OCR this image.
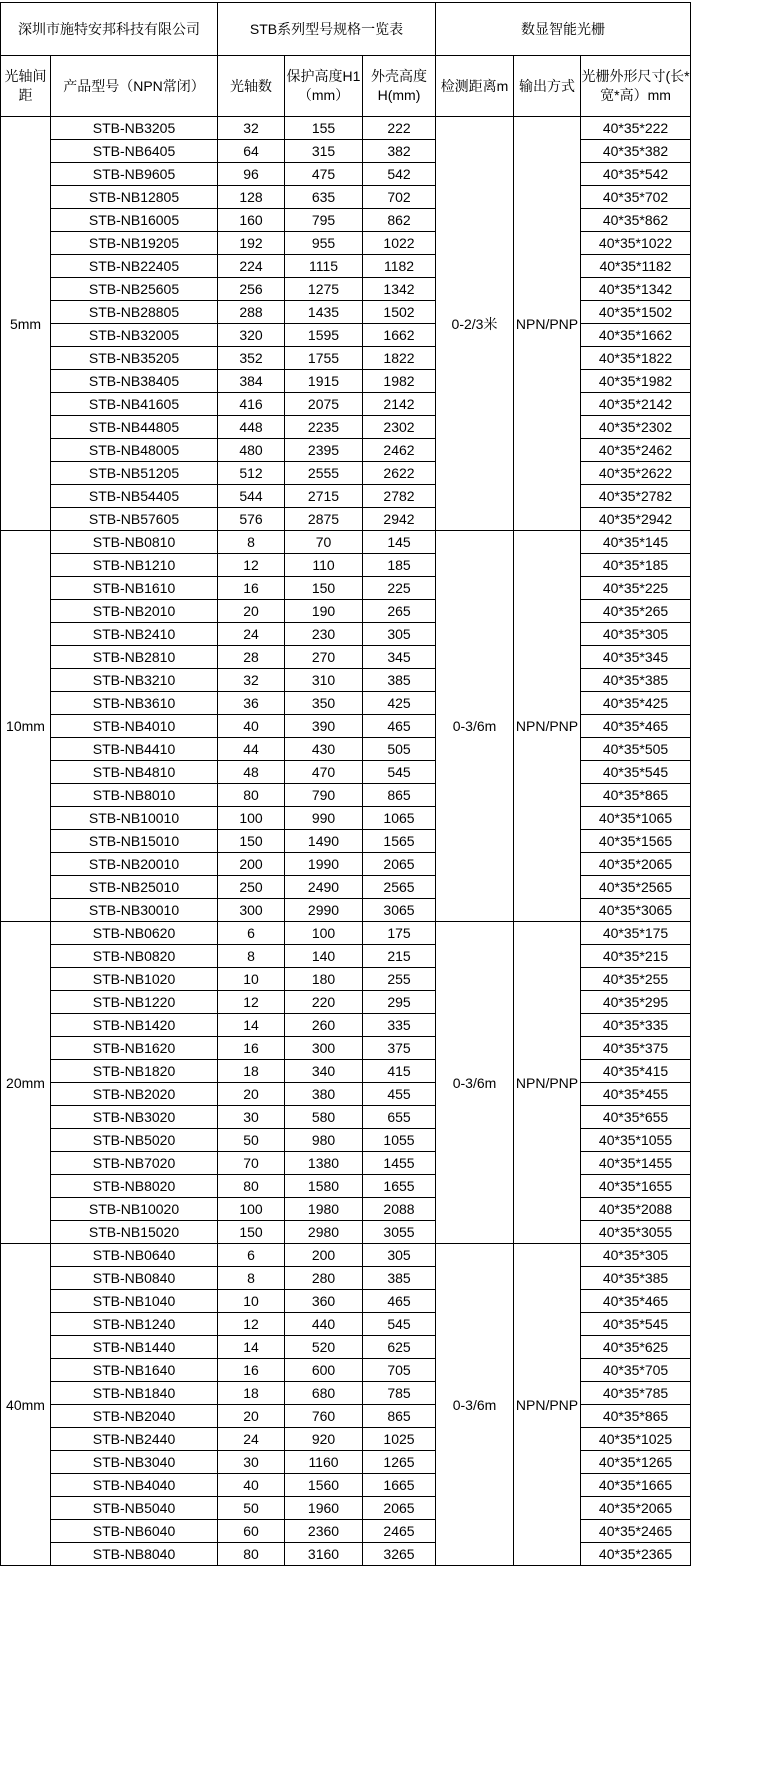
深圳市施特安邦科技有限公司		STB系列型号规格一览表			数显智能光栅		
光轴间距	产品型号（NPN常闭）	光轴数	保护高度H1（mm）	外壳高度H(mm)	检测距离m	输出方式	光栅外形尺寸(长*宽*高）mm
5mm	STB-NB3205	32	155	222	0-2/3米	NPN/PNP	40*35*222
	STB-NB6405	64	315	382			40*35*382
	STB-NB9605	96	475	542			40*35*542
	STB-NB12805	128	635	702			40*35*702
	STB-NB16005	160	795	862			40*35*862
	STB-NB19205	192	955	1022			40*35*1022
	STB-NB22405	224	1115	1182			40*35*1182
	STB-NB25605	256	1275	1342			40*35*1342
	STB-NB28805	288	1435	1502			40*35*1502
	STB-NB32005	320	1595	1662			40*35*1662
	STB-NB35205	352	1755	1822			40*35*1822
	STB-NB38405	384	1915	1982			40*35*1982
	STB-NB41605	416	2075	2142			40*35*2142
	STB-NB44805	448	2235	2302			40*35*2302
	STB-NB48005	480	2395	2462			40*35*2462
	STB-NB51205	512	2555	2622			40*35*2622
	STB-NB54405	544	2715	2782			40*35*2782
	STB-NB57605	576	2875	2942			40*35*2942
10mm	STB-NB0810	8	70	145	0-3/6m	NPN/PNP	40*35*145
	STB-NB1210	12	110	185			40*35*185
	STB-NB1610	16	150	225			40*35*225
	STB-NB2010	20	190	265			40*35*265
	STB-NB2410	24	230	305			40*35*305
	STB-NB2810	28	270	345			40*35*345
	STB-NB3210	32	310	385			40*35*385
	STB-NB3610	36	350	425			40*35*425
	STB-NB4010	40	390	465			40*35*465
	STB-NB4410	44	430	505			40*35*505
	STB-NB4810	48	470	545			40*35*545
	STB-NB8010	80	790	865			40*35*865
	STB-NB10010	100	990	1065			40*35*1065
	STB-NB15010	150	1490	1565			40*35*1565
	STB-NB20010	200	1990	2065			40*35*2065
	STB-NB25010	250	2490	2565			40*35*2565
	STB-NB30010	300	2990	3065			40*35*3065
20mm	STB-NB0620	6	100	175	0-3/6m	NPN/PNP	40*35*175
	STB-NB0820	8	140	215			40*35*215
	STB-NB1020	10	180	255			40*35*255
	STB-NB1220	12	220	295			40*35*295
	STB-NB1420	14	260	335			40*35*335
	STB-NB1620	16	300	375			40*35*375
	STB-NB1820	18	340	415			40*35*415
	STB-NB2020	20	380	455			40*35*455
	STB-NB3020	30	580	655			40*35*655
	STB-NB5020	50	980	1055			40*35*1055
	STB-NB7020	70	1380	1455			40*35*1455
	STB-NB8020	80	1580	1655			40*35*1655
	STB-NB10020	100	1980	2088			40*35*2088
	STB-NB15020	150	2980	3055			40*35*3055
40mm	STB-NB0640	6	200	305	0-3/6m	NPN/PNP	40*35*305
	STB-NB0840	8	280	385			40*35*385
	STB-NB1040	10	360	465			40*35*465
	STB-NB1240	12	440	545			40*35*545
	STB-NB1440	14	520	625			40*35*625
	STB-NB1640	16	600	705			40*35*705
	STB-NB1840	18	680	785			40*35*785
	STB-NB2040	20	760	865			40*35*865
	STB-NB2440	24	920	1025			40*35*1025
	STB-NB3040	30	1160	1265			40*35*1265
	STB-NB4040	40	1560	1665			40*35*1665
	STB-NB5040	50	1960	2065			40*35*2065
	STB-NB6040	60	2360	2465			40*35*2465
	STB-NB8040	80	3160	3265			40*35*2365
